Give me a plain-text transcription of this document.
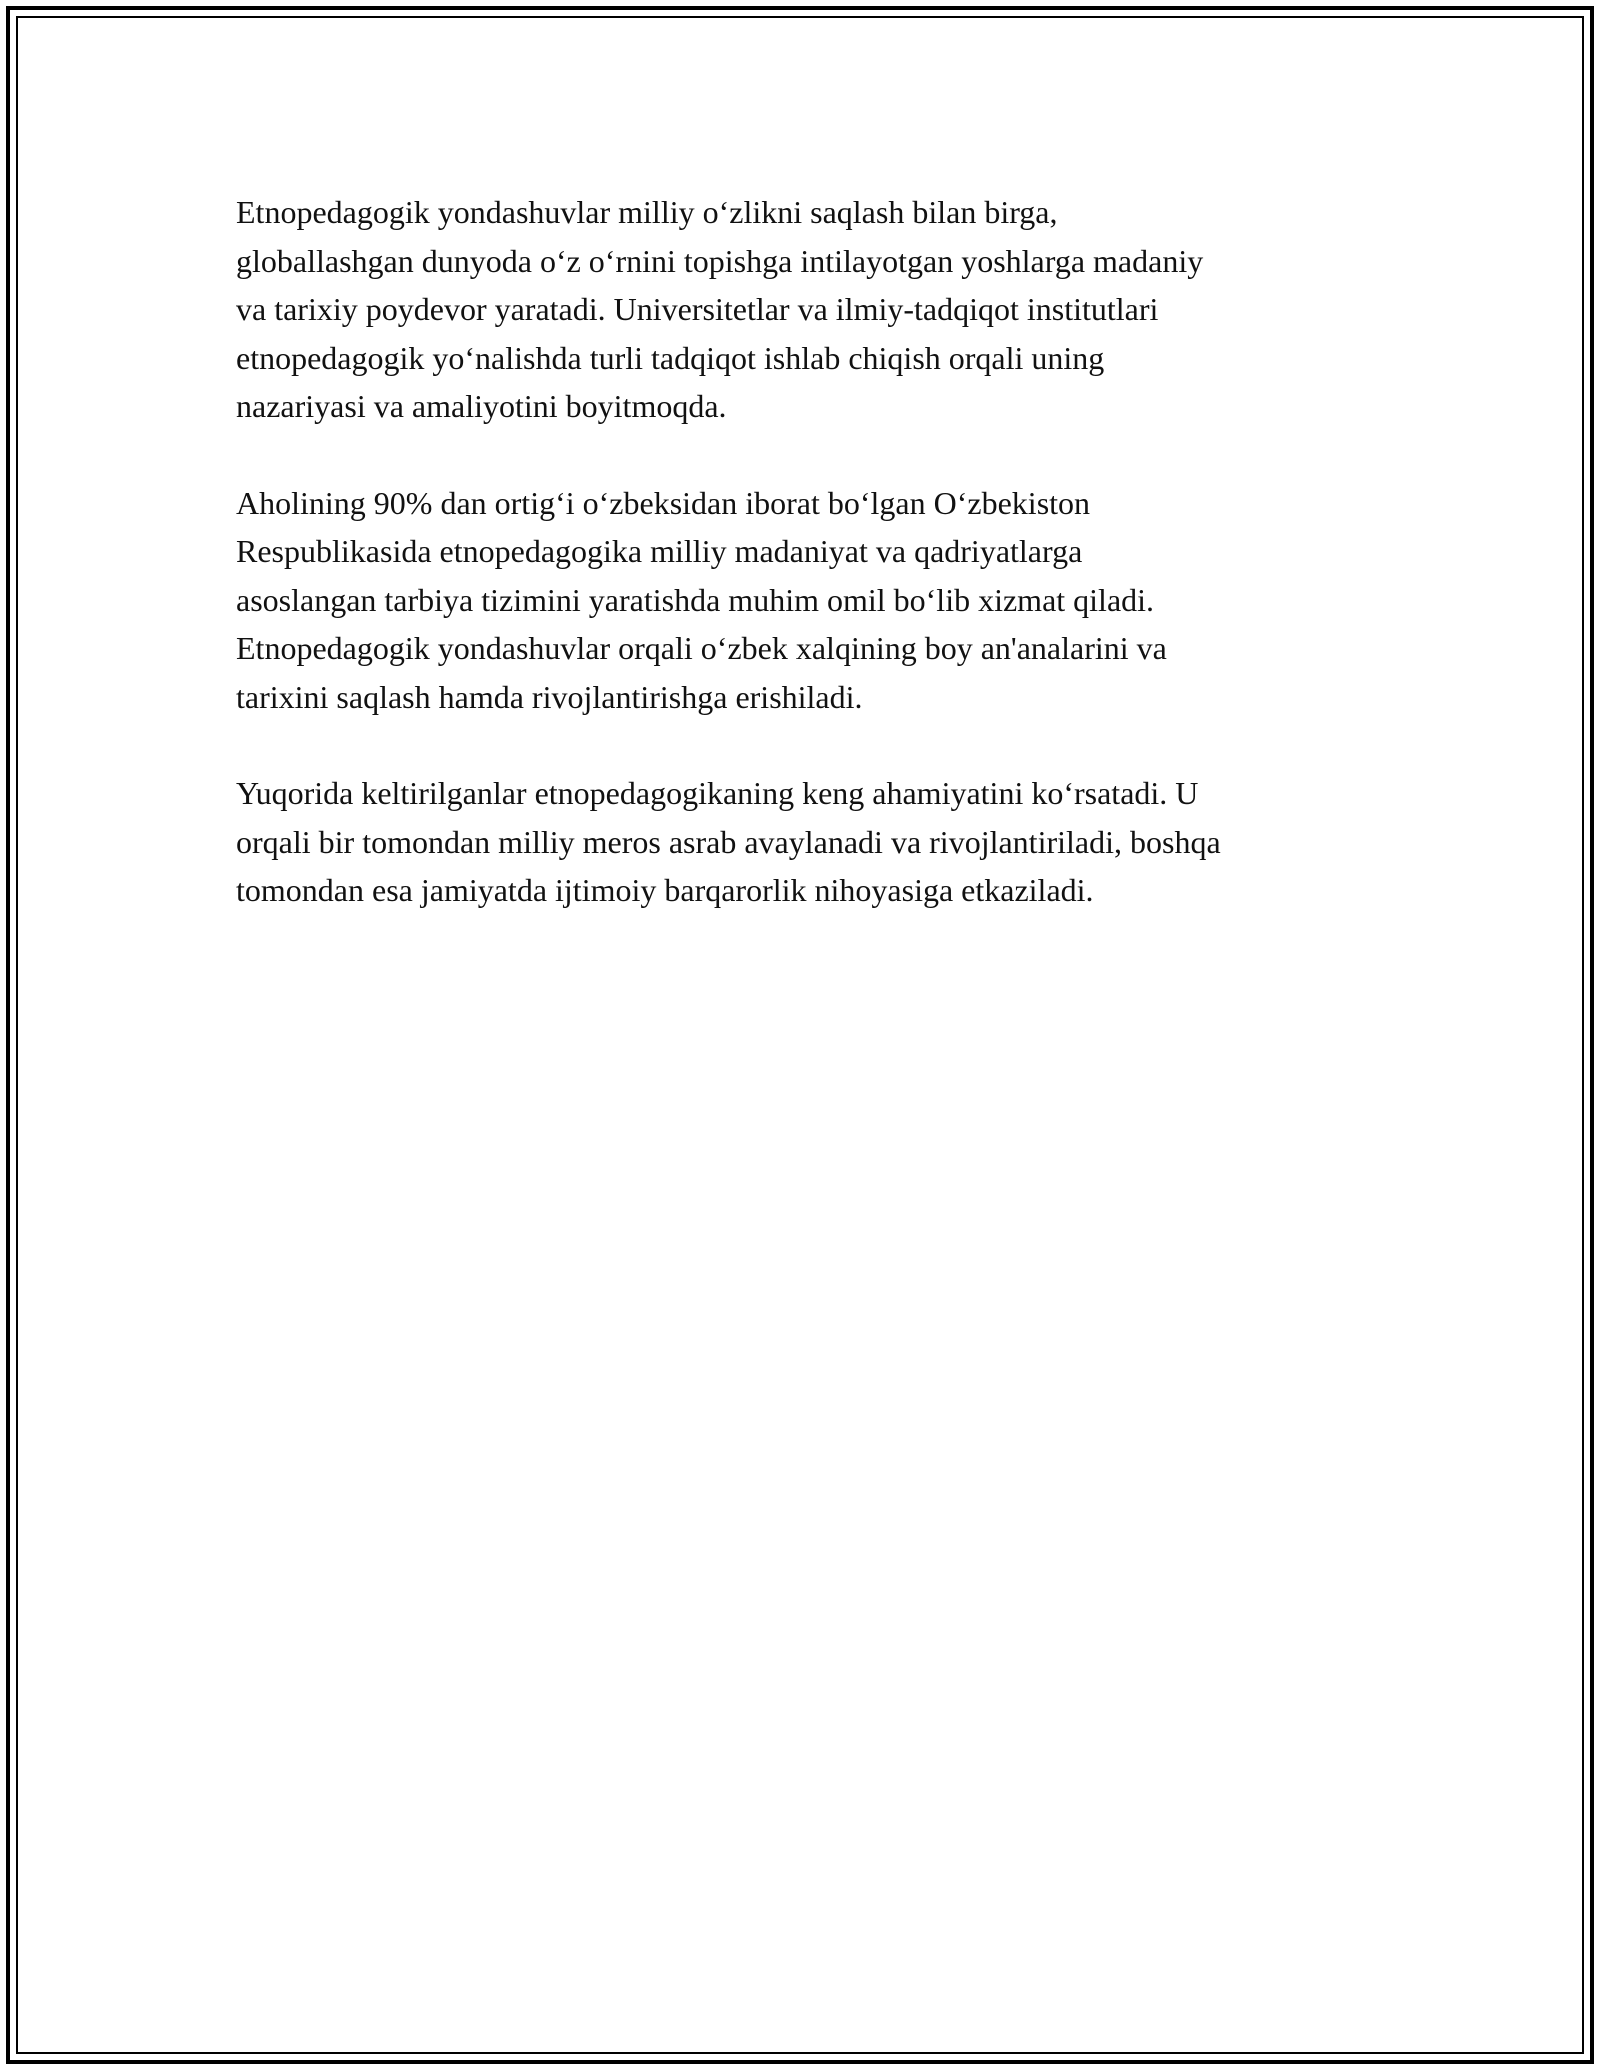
Etnopedagogik yondashuvlar milliy o‘zlikni saqlash bilan birga,
globallashgan dunyoda o‘z o‘rnini topishga intilayotgan yoshlarga madaniy
va tarixiy poydevor yaratadi. Universitetlar va ilmiy-tadqiqot institutlari
etnopedagogik yo‘nalishda turli tadqiqot ishlab chiqish orqali uning
nazariyasi va amaliyotini boyitmoqda.

Aholining 90% dan ortig‘i o‘zbeksidan iborat bo‘lgan O‘zbekiston
Respublikasida etnopedagogika milliy madaniyat va qadriyatlarga
asoslangan tarbiya tizimini yaratishda muhim omil bo‘lib xizmat qiladi.
Etnopedagogik yondashuvlar orqali o‘zbek xalqining boy an'analarini va
tarixini saqlash hamda rivojlantirishga erishiladi.

Yuqorida keltirilganlar etnopedagogikaning keng ahamiyatini ko‘rsatadi. U
orqali bir tomondan milliy meros asrab avaylanadi va rivojlantiriladi, boshqa
tomondan esa jamiyatda ijtimoiy barqarorlik nihoyasiga etkaziladi.
